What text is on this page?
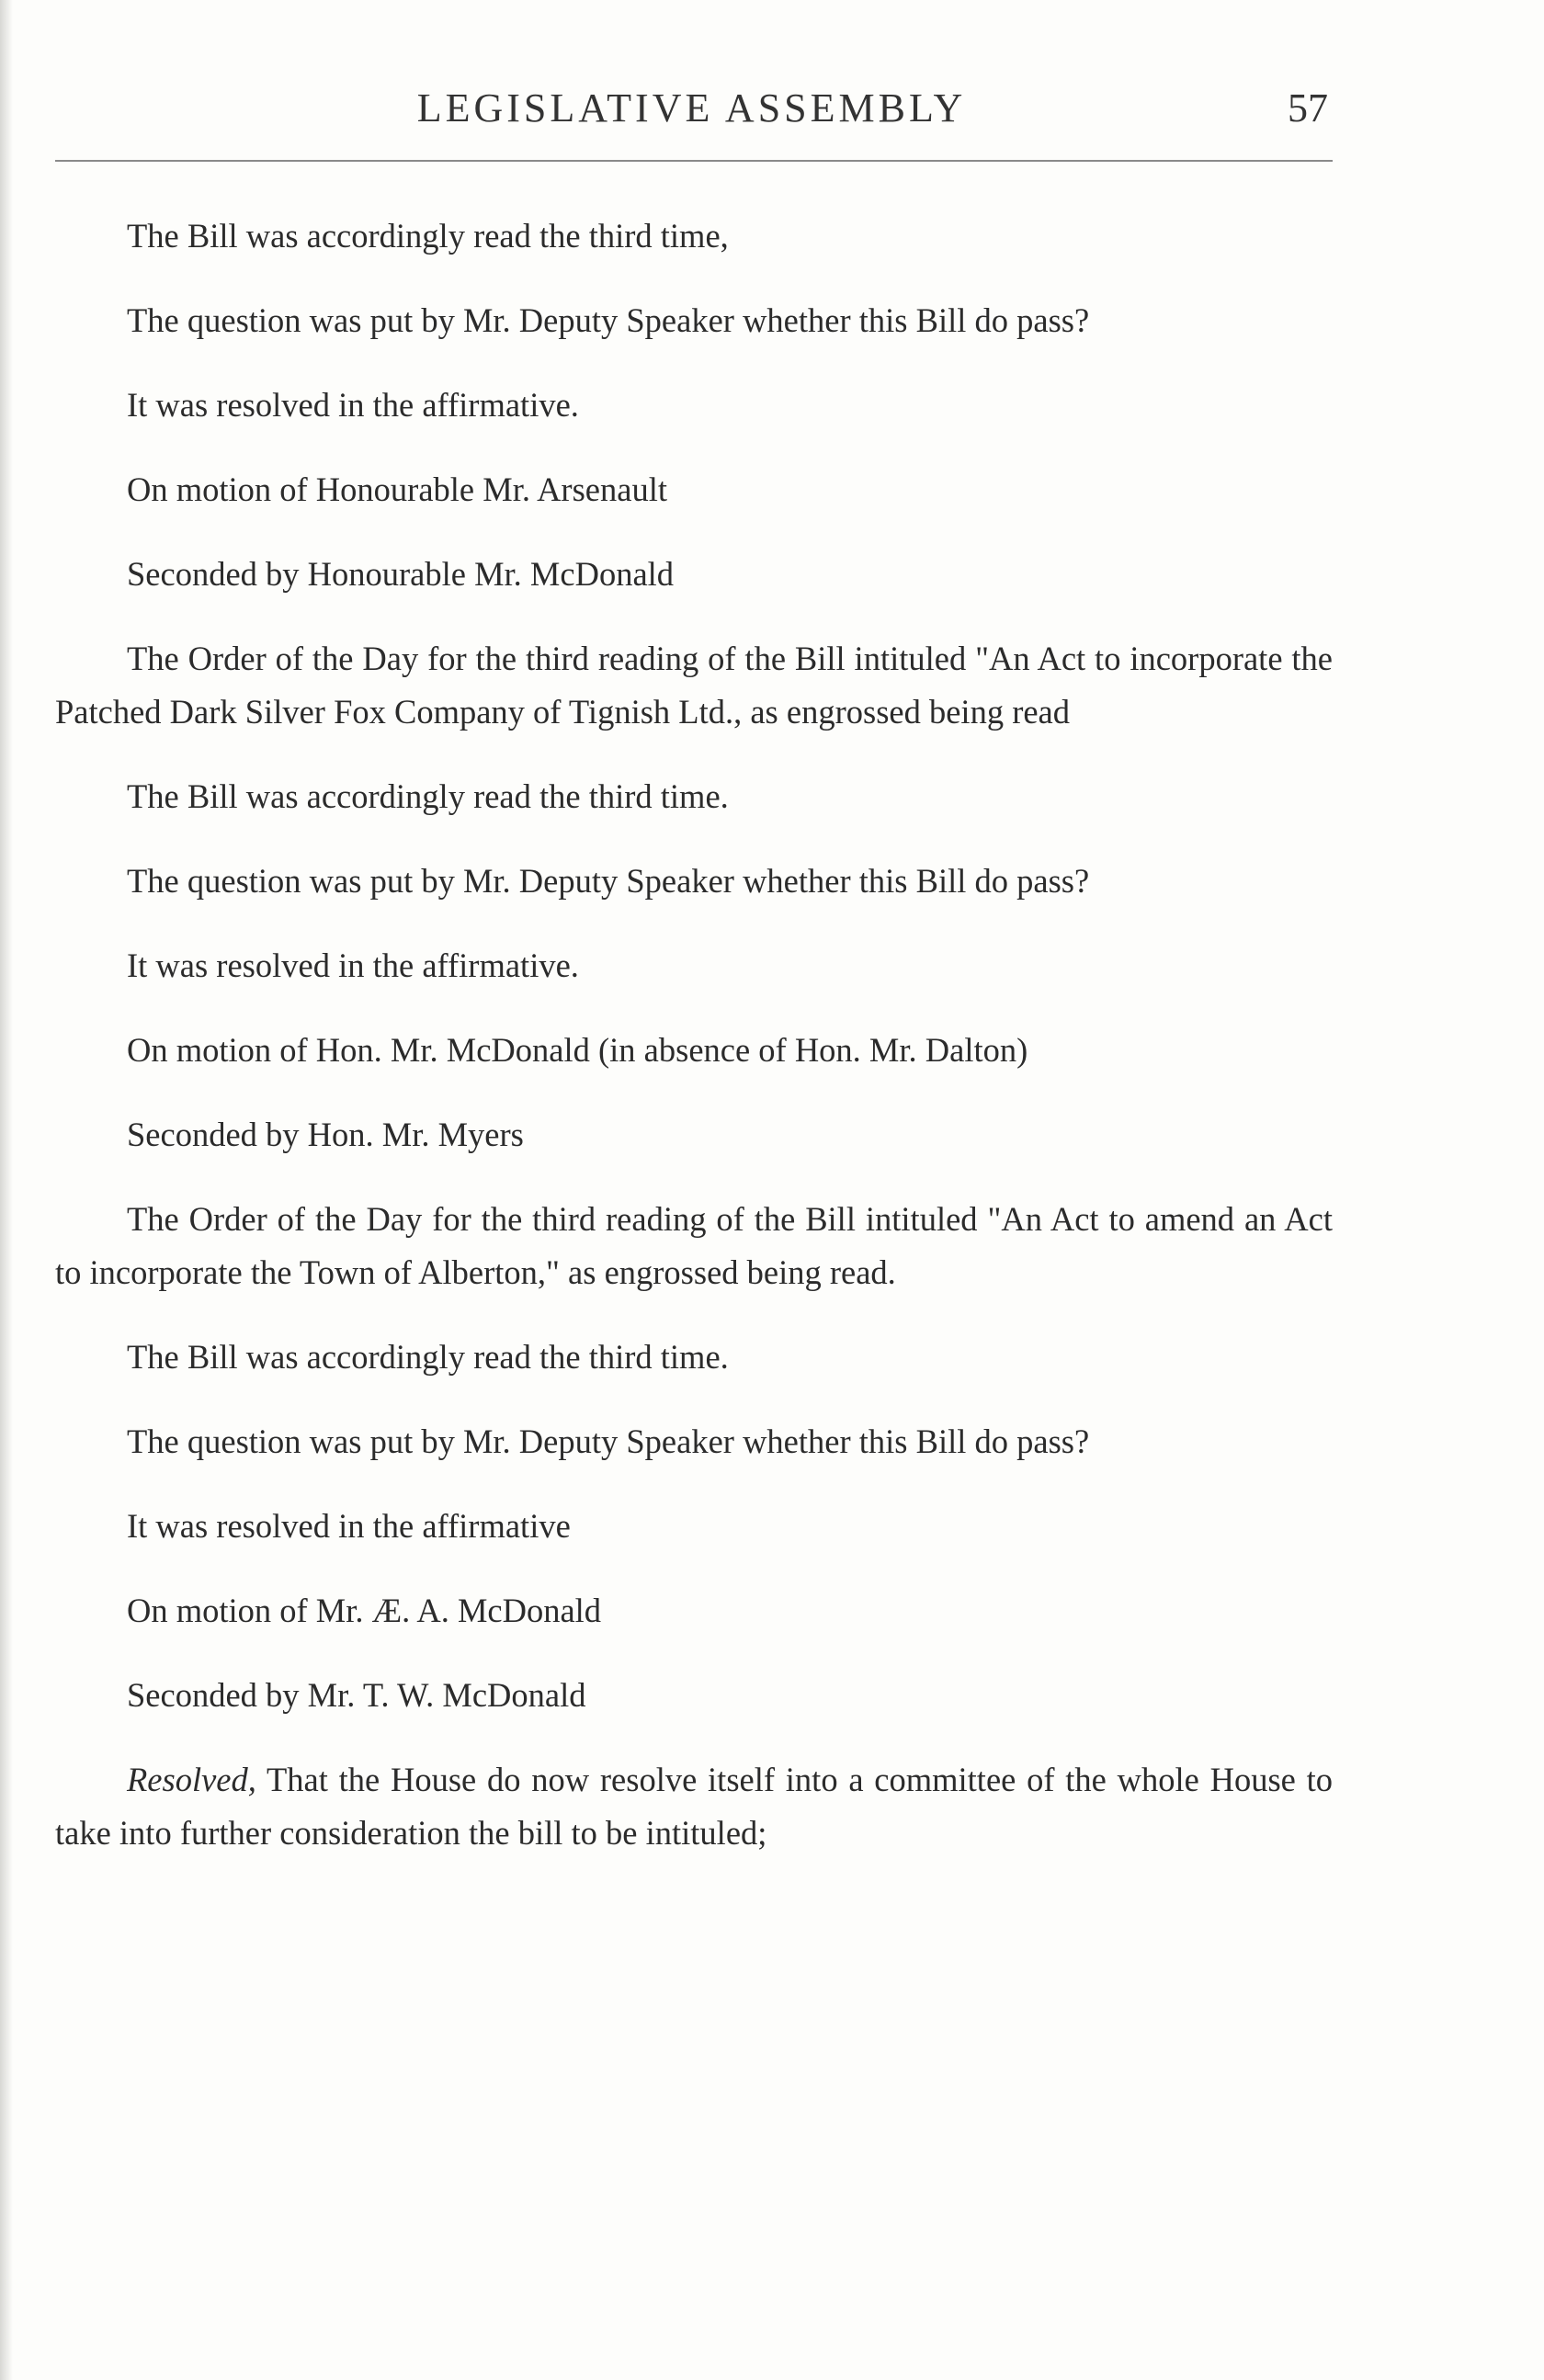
LEGISLATIVE ASSEMBLY	57

The Bill was accordingly read the third time,

The question was put by Mr. Deputy Speaker whether this Bill do pass?

It was resolved in the affirmative.

On motion of Honourable Mr. Arsenault

Seconded by Honourable Mr. McDonald

The Order of the Day for the third reading of the Bill intituled "An Act to incorporate the Patched Dark Silver Fox Company of Tignish Ltd., as engrossed being read

The Bill was accordingly read the third time.

The question was put by Mr. Deputy Speaker whether this Bill do pass?

It was resolved in the affirmative.

On motion of Hon. Mr. McDonald (in absence of Hon. Mr. Dalton)

Seconded by Hon. Mr. Myers

The Order of the Day for the third reading of the Bill intituled "An Act to amend an Act to incorporate the Town of Alberton," as engrossed being read.

The Bill was accordingly read the third time.

The question was put by Mr. Deputy Speaker whether this Bill do pass?

It was resolved in the affirmative

On motion of Mr. Æ. A. McDonald

Seconded by Mr. T. W. McDonald

Resolved, That the House do now resolve itself into a committee of the whole House to take into further consideration the bill to be intituled;
